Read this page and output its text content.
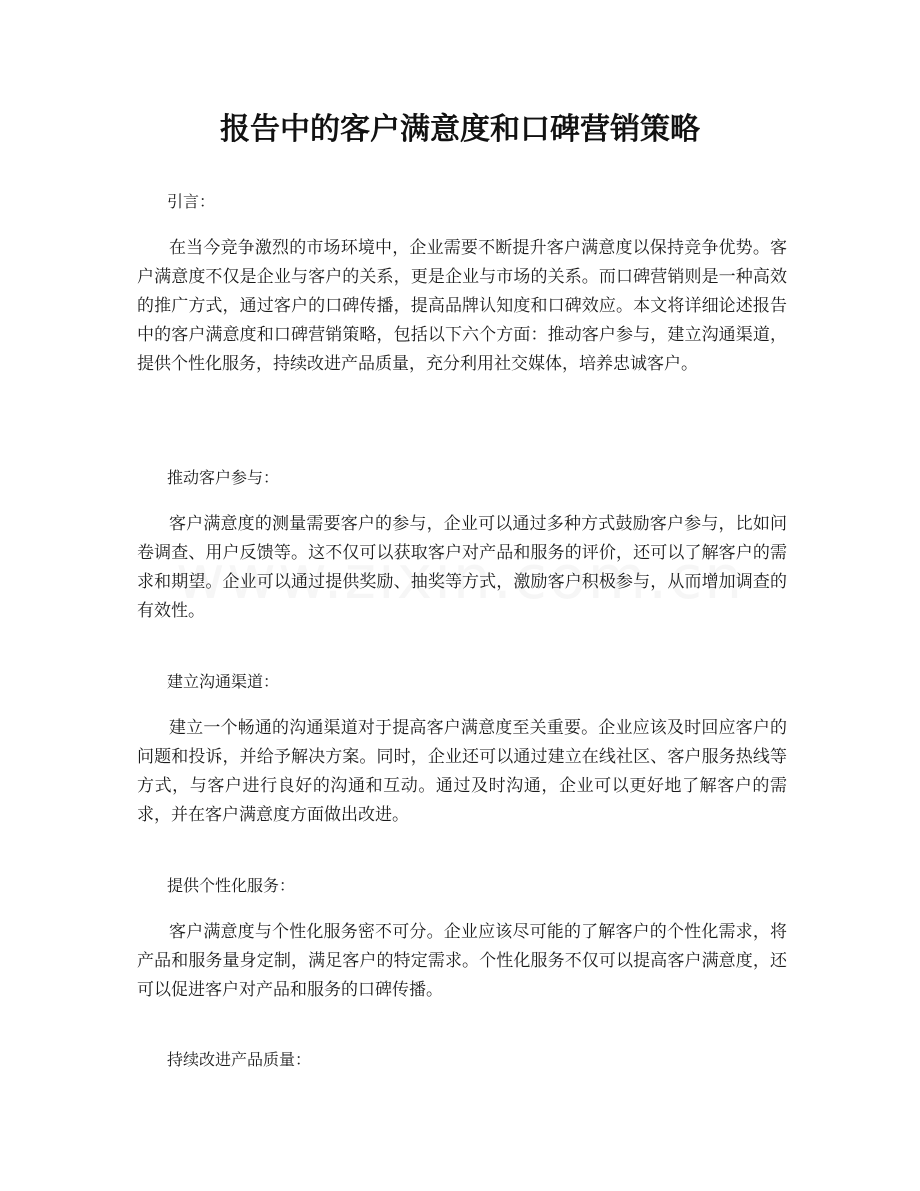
报告中的客户满意度和口碑营销策略
引言：

在当今竞争激烈的市场环境中，企业需要不断提升客户满意度以保持竞争优势。客户满意度不仅是企业与客户的关系，更是企业与市场的关系。而口碑营销则是一种高效的推广方式，通过客户的口碑传播，提高品牌认知度和口碑效应。本文将详细论述报告中的客户满意度和口碑营销策略，包括以下六个方面：推动客户参与，建立沟通渠道，提供个性化服务，持续改进产品质量，充分利用社交媒体，培养忠诚客户。

推动客户参与：

客户满意度的测量需要客户的参与，企业可以通过多种方式鼓励客户参与，比如问卷调查、用户反馈等。这不仅可以获取客户对产品和服务的评价，还可以了解客户的需求和期望。企业可以通过提供奖励、抽奖等方式，激励客户积极参与，从而增加调查的有效性。

建立沟通渠道：

建立一个畅通的沟通渠道对于提高客户满意度至关重要。企业应该及时回应客户的问题和投诉，并给予解决方案。同时，企业还可以通过建立在线社区、客户服务热线等方式，与客户进行良好的沟通和互动。通过及时沟通，企业可以更好地了解客户的需求，并在客户满意度方面做出改进。

提供个性化服务：

客户满意度与个性化服务密不可分。企业应该尽可能的了解客户的个性化需求，将产品和服务量身定制，满足客户的特定需求。个性化服务不仅可以提高客户满意度，还可以促进客户对产品和服务的口碑传播。

持续改进产品质量：
